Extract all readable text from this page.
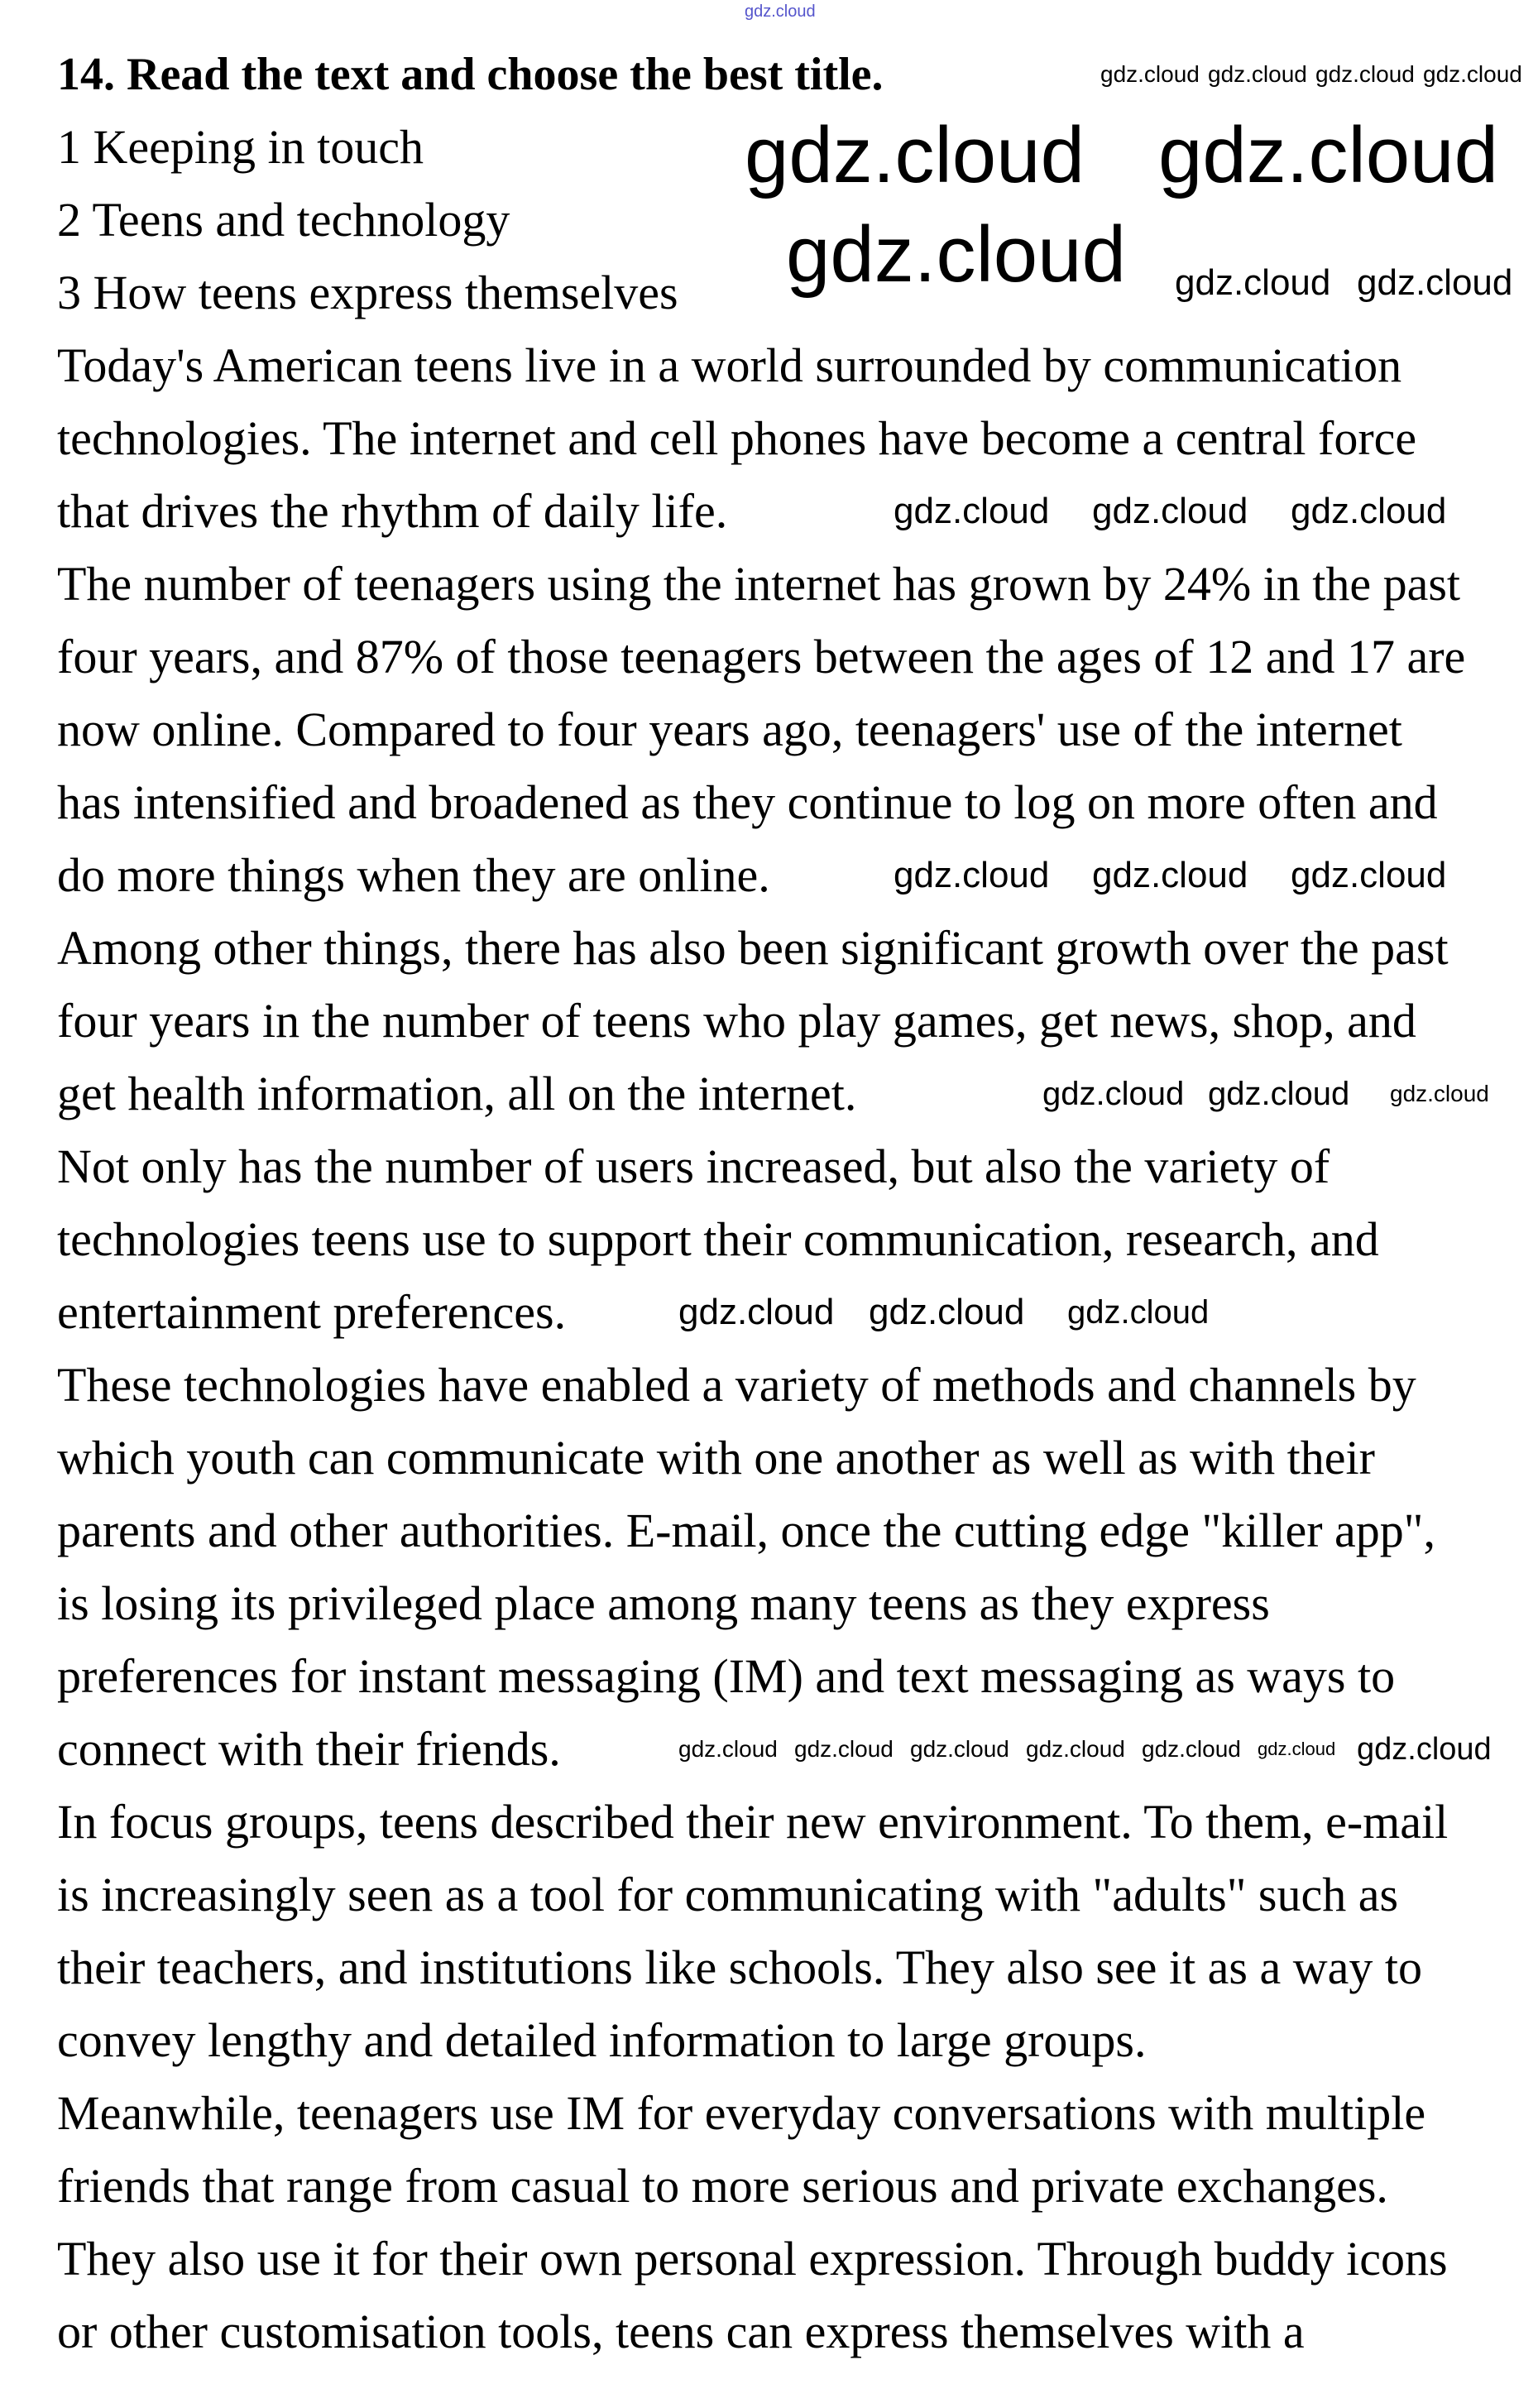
14. Read the text and choose the best title.
1 Keeping in touch
2 Teens and technology
3 How teens express themselves
Today's American teens live in a world surrounded by communication
technologies. The internet and cell phones have become a central force
that drives the rhythm of daily life.
The number of teenagers using the internet has grown by 24% in the past
four years, and 87% of those teenagers between the ages of 12 and 17 are
now online. Compared to four years ago, teenagers' use of the internet
has intensified and broadened as they continue to log on more often and
do more things when they are online.
Among other things, there has also been significant growth over the past
four years in the number of teens who play games, get news, shop, and
get health information, all on the internet.
Not only has the number of users increased, but also the variety of
technologies teens use to support their communication, research, and
entertainment preferences.
These technologies have enabled a variety of methods and channels by
which youth can communicate with one another as well as with their
parents and other authorities. E-mail, once the cutting edge "killer app",
is losing its privileged place among many teens as they express
preferences for instant messaging (IM) and text messaging as ways to
connect with their friends.
In focus groups, teens described their new environment. To them, e-mail
is increasingly seen as a tool for communicating with "adults" such as
their teachers, and institutions like schools. They also see it as a way to
convey lengthy and detailed information to large groups.
Meanwhile, teenagers use IM for everyday conversations with multiple
friends that range from casual to more serious and private exchanges.
They also use it for their own personal expression. Through buddy icons
or other customisation tools, teens can express themselves with a
gdz.cloud
gdz.cloud gdz.cloud gdz.cloud gdz.cloud
gdz.cloud gdz.cloud
gdz.cloud gdz.cloud gdz.cloud
gdz.cloud gdz.cloud gdz.cloud
gdz.cloud gdz.cloud gdz.cloud
gdz.cloud gdz.cloud gdz.cloud
gdz.cloud gdz.cloud gdz.cloud
gdz.cloud gdz.cloud gdz.cloud gdz.cloud gdz.cloud gdz.cloud gdz.cloud
